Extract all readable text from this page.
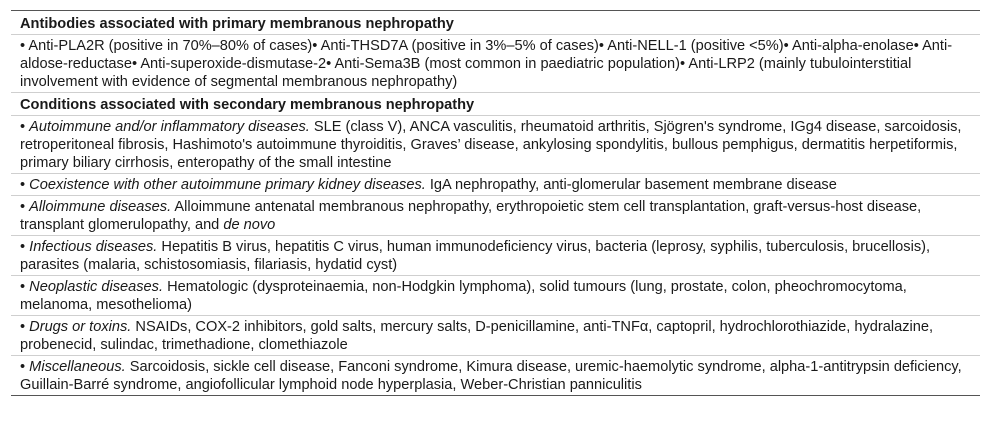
Antibodies associated with primary membranous nephropathy
• Anti-PLA2R (positive in 70%–80% of cases)• Anti-THSD7A (positive in 3%–5% of cases)• Anti-NELL-1 (positive <5%)• Anti-alpha-enolase• Anti-aldose-reductase• Anti-superoxide-dismutase-2• Anti-Sema3B (most common in paediatric population)• Anti-LRP2 (mainly tubulointerstitial involvement with evidence of segmental membranous nephropathy)
Conditions associated with secondary membranous nephropathy
• Autoimmune and/or inflammatory diseases. SLE (class V), ANCA vasculitis, rheumatoid arthritis, Sjögren's syndrome, IGg4 disease, sarcoidosis, retroperitoneal fibrosis, Hashimoto's autoimmune thyroiditis, Graves’ disease, ankylosing spondylitis, bullous pemphigus, dermatitis herpetiformis, primary biliary cirrhosis, enteropathy of the small intestine
• Coexistence with other autoimmune primary kidney diseases. IgA nephropathy, anti-glomerular basement membrane disease
• Alloimmune diseases. Alloimmune antenatal membranous nephropathy, erythropoietic stem cell transplantation, graft-versus-host disease, transplant glomerulopathy, and de novo
• Infectious diseases. Hepatitis B virus, hepatitis C virus, human immunodeficiency virus, bacteria (leprosy, syphilis, tuberculosis, brucellosis), parasites (malaria, schistosomiasis, filariasis, hydatid cyst)
• Neoplastic diseases. Hematologic (dysproteinaemia, non-Hodgkin lymphoma), solid tumours (lung, prostate, colon, pheochromocytoma, melanoma, mesothelioma)
• Drugs or toxins. NSAIDs, COX-2 inhibitors, gold salts, mercury salts, D-penicillamine, anti-TNFα, captopril, hydrochlorothiazide, hydralazine, probenecid, sulindac, trimethadione, clomethiazole
• Miscellaneous. Sarcoidosis, sickle cell disease, Fanconi syndrome, Kimura disease, uremic-haemolytic syndrome, alpha-1-antitrypsin deficiency, Guillain-Barré syndrome, angiofollicular lymphoid node hyperplasia, Weber-Christian panniculitis
